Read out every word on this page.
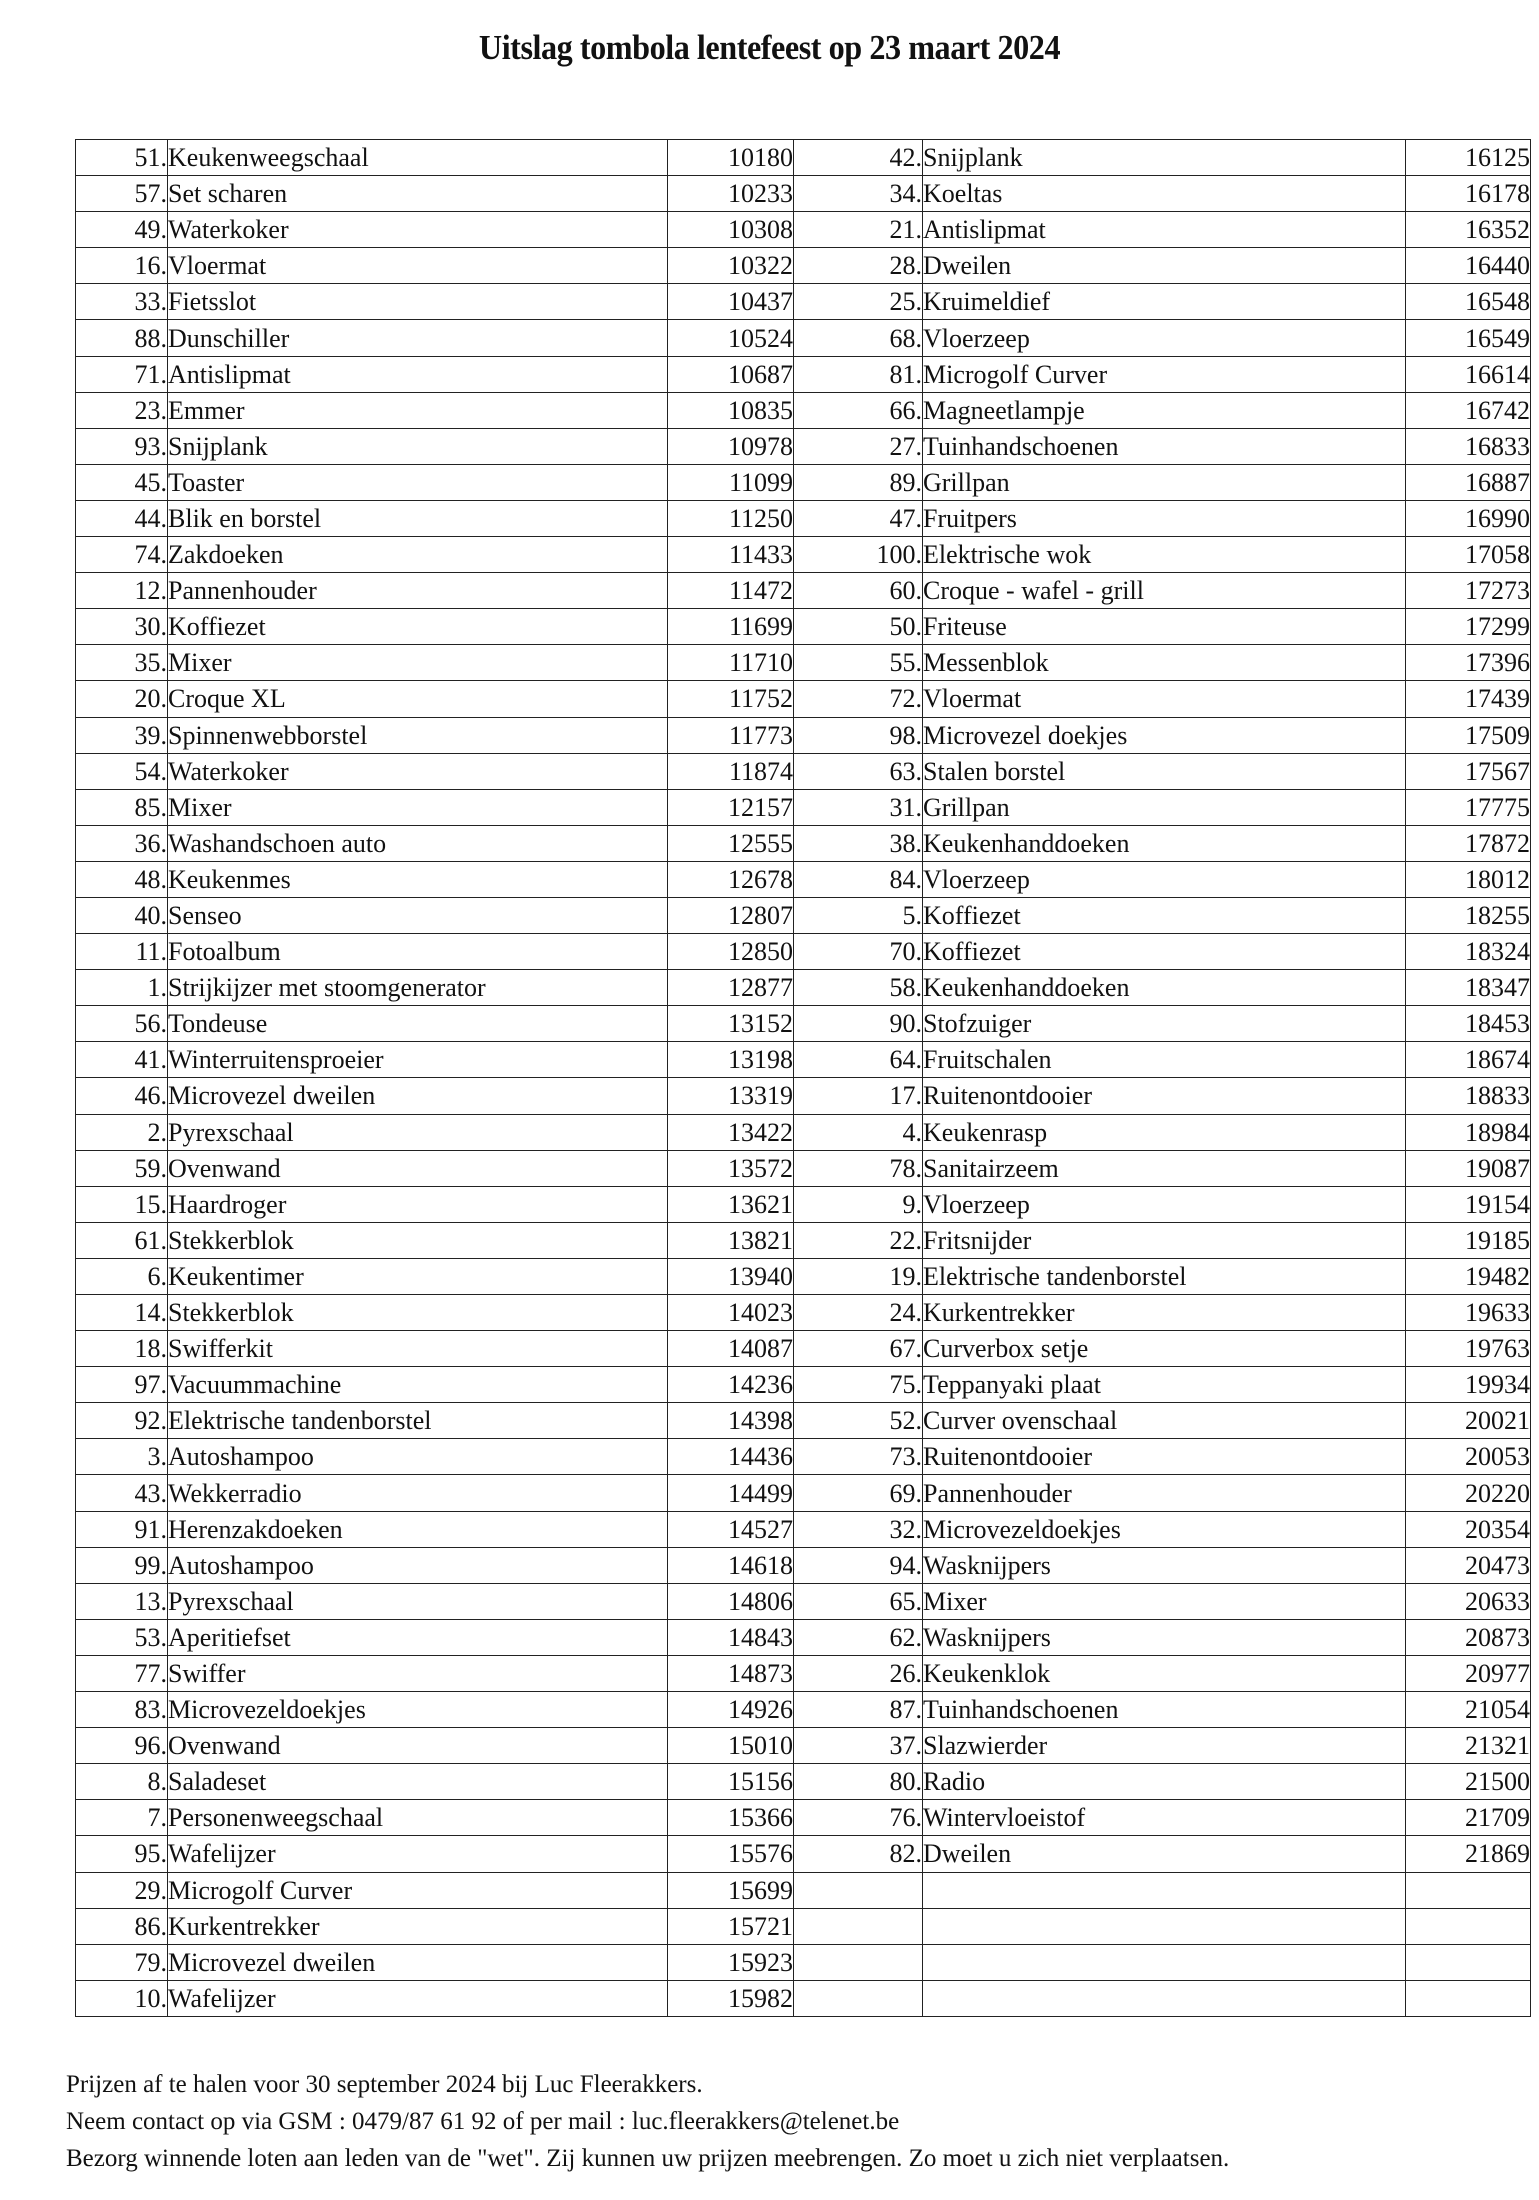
Uitslag tombola lentefeest op 23 maart 2024
51.	Keukenweegschaal	10180	42.	Snijplank	16125
57.	Set scharen	10233	34.	Koeltas	16178
49.	Waterkoker	10308	21.	Antislipmat	16352
16.	Vloermat	10322	28.	Dweilen	16440
33.	Fietsslot	10437	25.	Kruimeldief	16548
88.	Dunschiller	10524	68.	Vloerzeep	16549
71.	Antislipmat	10687	81.	Microgolf Curver	16614
23.	Emmer	10835	66.	Magneetlampje	16742
93.	Snijplank	10978	27.	Tuinhandschoenen	16833
45.	Toaster	11099	89.	Grillpan	16887
44.	Blik en borstel	11250	47.	Fruitpers	16990
74.	Zakdoeken	11433	100.	Elektrische wok	17058
12.	Pannenhouder	11472	60.	Croque - wafel - grill	17273
30.	Koffiezet	11699	50.	Friteuse	17299
35.	Mixer	11710	55.	Messenblok	17396
20.	Croque XL	11752	72.	Vloermat	17439
39.	Spinnenwebborstel	11773	98.	Microvezel doekjes	17509
54.	Waterkoker	11874	63.	Stalen borstel	17567
85.	Mixer	12157	31.	Grillpan	17775
36.	Washandschoen auto	12555	38.	Keukenhanddoeken	17872
48.	Keukenmes	12678	84.	Vloerzeep	18012
40.	Senseo	12807	5.	Koffiezet	18255
11.	Fotoalbum	12850	70.	Koffiezet	18324
1.	Strijkijzer met stoomgenerator	12877	58.	Keukenhanddoeken	18347
56.	Tondeuse	13152	90.	Stofzuiger	18453
41.	Winterruitensproeier	13198	64.	Fruitschalen	18674
46.	Microvezel dweilen	13319	17.	Ruitenontdooier	18833
2.	Pyrexschaal	13422	4.	Keukenrasp	18984
59.	Ovenwand	13572	78.	Sanitairzeem	19087
15.	Haardroger	13621	9.	Vloerzeep	19154
61.	Stekkerblok	13821	22.	Fritsnijder	19185
6.	Keukentimer	13940	19.	Elektrische tandenborstel	19482
14.	Stekkerblok	14023	24.	Kurkentrekker	19633
18.	Swifferkit	14087	67.	Curverbox setje	19763
97.	Vacuummachine	14236	75.	Teppanyaki plaat	19934
92.	Elektrische tandenborstel	14398	52.	Curver ovenschaal	20021
3.	Autoshampoo	14436	73.	Ruitenontdooier	20053
43.	Wekkerradio	14499	69.	Pannenhouder	20220
91.	Herenzakdoeken	14527	32.	Microvezeldoekjes	20354
99.	Autoshampoo	14618	94.	Wasknijpers	20473
13.	Pyrexschaal	14806	65.	Mixer	20633
53.	Aperitiefset	14843	62.	Wasknijpers	20873
77.	Swiffer	14873	26.	Keukenklok	20977
83.	Microvezeldoekjes	14926	87.	Tuinhandschoenen	21054
96.	Ovenwand	15010	37.	Slazwierder	21321
8.	Saladeset	15156	80.	Radio	21500
7.	Personenweegschaal	15366	76.	Wintervloeistof	21709
95.	Wafelijzer	15576	82.	Dweilen	21869
29.	Microgolf Curver	15699			
86.	Kurkentrekker	15721			
79.	Microvezel dweilen	15923			
10.	Wafelijzer	15982			
Prijzen af te halen voor 30 september 2024 bij Luc Fleerakkers.
Neem contact op via GSM : 0479/87 61 92 of per mail : luc.fleerakkers@telenet.be
Bezorg winnende loten aan leden van de "wet". Zij kunnen uw prijzen meebrengen. Zo moet u zich niet verplaatsen.
